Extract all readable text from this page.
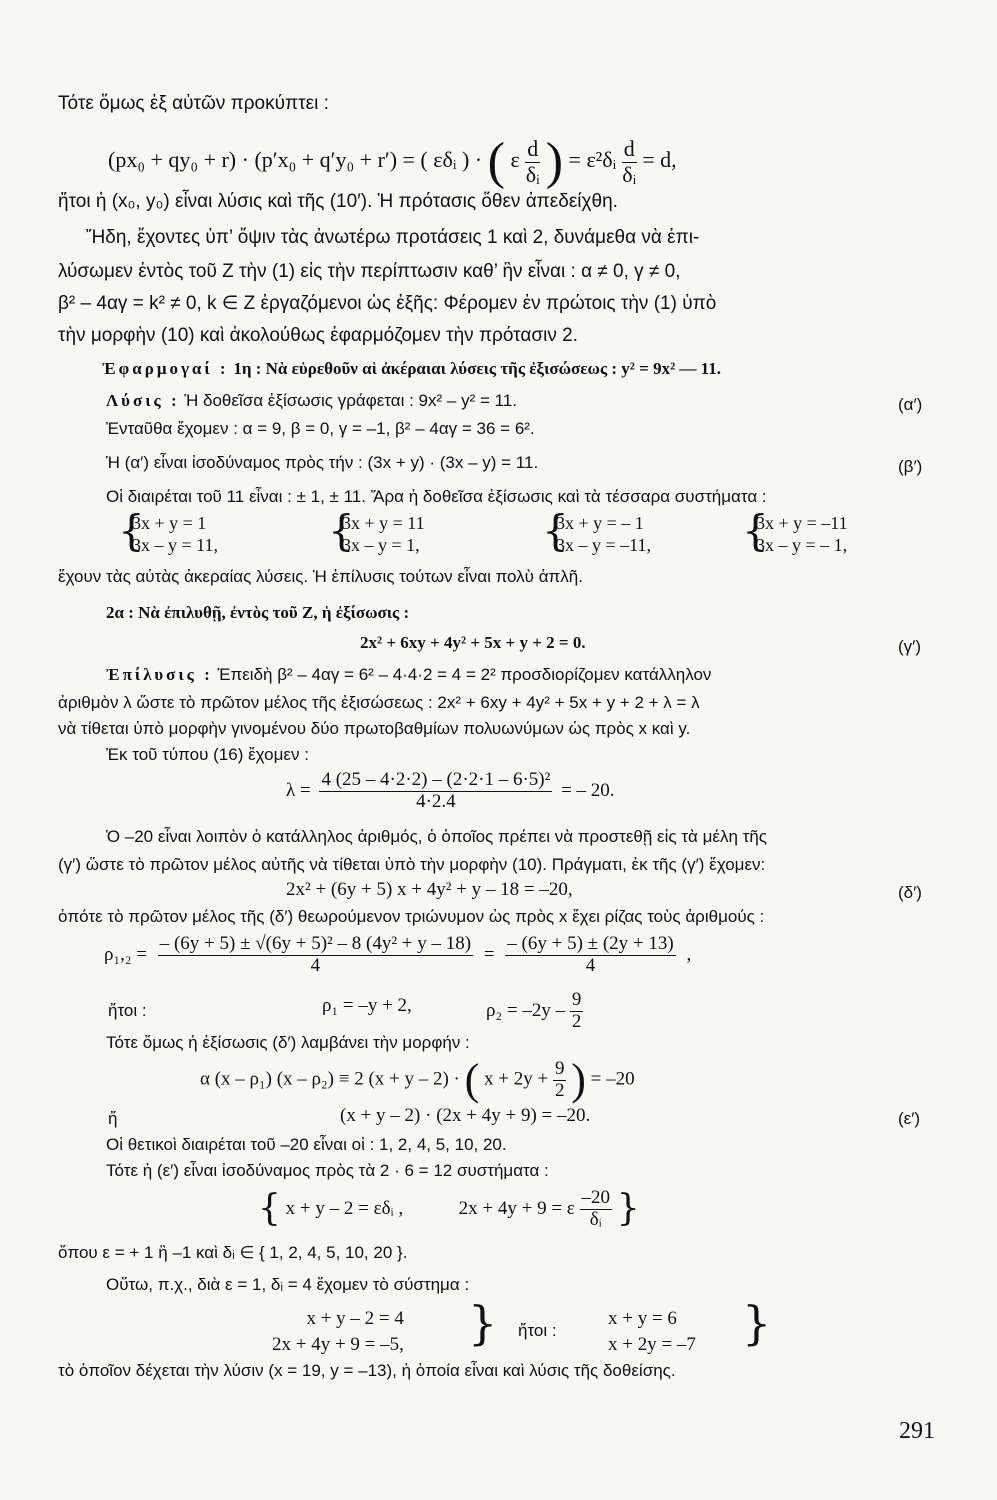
Τότε ὅμως ἐξ αὐτῶν προκύπτει :
(px₀ + qy₀ + r) · (p′x₀ + q′y₀ + r′) = ( εδᵢ ) · ( ε $\frac{d}{\text{δᵢ}}$ ) = ε²δᵢ $\frac{d}{\text{δᵢ}} = d$,
ἤτοι ἡ (x₀, y₀) εἶναι λύσις καὶ τῆς (10′). Ἡ πρότασις ὅθεν ἀπεδείχθη.
Ἤδη, ἔχοντες ὑπ’ ὄψιν τὰς ἀνωτέρω προτάσεις 1 καὶ 2, δυνάμεθα νὰ ἐπι-
λύσωμεν ἐντὸς τοῦ Z τὴν (1) εἰς τὴν περίπτωσιν καθ’ ἣν εἶναι : α ≠ 0, γ ≠ 0,
β² – 4αγ = k² ≠ 0, k ∈ Z ἐργαζόμενοι ὡς ἑξῆς: Φέρομεν ἐν πρώτοις τὴν (1) ὑπὸ
τὴν μορφὴν (10) καὶ ἀκολούθως ἐφαρμόζομεν τὴν πρότασιν 2.
Ἐφαρμογαί : 1η : Νὰ εὑρεθοῦν αἱ ἀκέραιαι λύσεις τῆς ἐξισώσεως : y² = 9x² — 11.
Λύσις : Ἡ δοθεῖσα ἐξίσωσις γράφεται : 9x² – y² = 11.	(α′)
Ἐνταῦθα ἔχομεν : α = 9, β = 0, γ = –1, β² – 4αγ = 36 = 6².
Ἡ (α′) εἶναι ἰσοδύναμος πρὸς τήν : (3x + y) · (3x – y) = 11.	(β′)
Οἱ διαιρέται τοῦ 11 εἶναι : ± 1, ± 11. Ἄρα ἡ δοθεῖσα ἐξίσωσις καὶ τὰ τέσσαρα συστήματα :
{
3x + y = 1
3x – y = 11,	{
3x + y = 11
3x – y = 1,	{
3x + y = – 1
3x – y = –11, {
3x + y = –11
3x – y = – 1,
ἔχουν τὰς αὐτὰς ἀκεραίας λύσεις. Ἡ ἐπίλυσις τούτων εἶναι πολὺ ἁπλῆ.
2α : Νὰ ἐπιλυθῇ, ἐντὸς τοῦ Z, ἡ ἐξίσωσις :
2x² + 6xy + 4y² + 5x + y + 2 = 0.	(γ′)
Ἐπίλυσις : Ἐπειδὴ β² – 4αγ = 6² – 4·4·2 = 4 = 2² προσδιορίζομεν κατάλληλον
ἀριθμὸν λ ὥστε τὸ πρῶτον μέλος τῆς ἐξισώσεως : 2x² + 6xy + 4y² + 5x + y + 2 + λ = λ
νὰ τίθεται ὑπὸ μορφὴν γινομένου δύο πρωτοβαθμίων πολυωνύμων ὡς πρὸς x καὶ y.
Ἐκ τοῦ τύπου (16) ἔχομεν :
$\lambda = \frac{\text{4 (25 – 4·2·2) – (2·2·1 – 6·5)²}}{4\cdot 2.4}$ = – 20.
Ὁ –20 εἶναι λοιπὸν ὁ κατάλληλος ἀριθμός, ὁ ὁποῖος πρέπει νὰ προστεθῇ εἰς τὰ μέλη τῆς
(γ′) ὥστε τὸ πρῶτον μέλος αὐτῆς νὰ τίθεται ὑπὸ τὴν μορφὴν (10). Πράγματι, ἐκ τῆς (γ′) ἔχομεν:
2x² + (6y + 5) x + 4y² + y – 18 = –20,	(δ′)
ὁπότε τὸ πρῶτον μέλος τῆς (δ′) θεωρούμενον τριώνυμον ὡς πρὸς x ἔχει ρίζας τοὺς ἀριθμούς :
$\rho_1,_2 = \frac{\text{– (6y + 5) ± √(6y + 5)² – 8 (4y² + y – 18)}}{4} = \frac{- (6y + 5) \pm (2y + 13)}{4}$ ,
ἤτοι :	ρ₁ = –y + 2,	$\rho_2 = -2y - \frac{9}{2}$
Τότε ὅμως ἡ ἐξίσωσις (δ′) λαμβάνει τὴν μορφήν :
α (x – ρ₁) (x – ρ₂) ≡ 2 (x + y – 2) · ( $x + 2y + \frac{9}{2}$ ) = –20
ἤ	(x + y – 2) · (2x + 4y + 9) = –20.	(ε′)
Οἱ θετικοὶ διαιρέται τοῦ –20 εἶναι οἱ : 1, 2, 4, 5, 10, 20.
Τότε ἡ (ε′) εἶναι ἰσοδύναμος πρὸς τὰ 2 · 6 = 12 συστήματα :
{ x + y – 2 = εδᵢ ,	2x + 4y + 9 = ε $\frac{-20}{\text{δᵢ}}$ }
ὅπου ε = + 1 ἢ –1 καὶ δᵢ ∈ { 1, 2, 4, 5, 10, 20 }.
Οὕτω, π.χ., διὰ ε = 1, δᵢ = 4 ἔχομεν τὸ σύστημα :
x + y – 2 = 4
2x + 4y + 9 = –5, } ἤτοι :
x + y = 6
x + 2y = –7 }
τὸ ὁποῖον δέχεται τὴν λύσιν (x = 19, y = –13), ἡ ὁποία εἶναι καὶ λύσις τῆς δοθείσης.
291
